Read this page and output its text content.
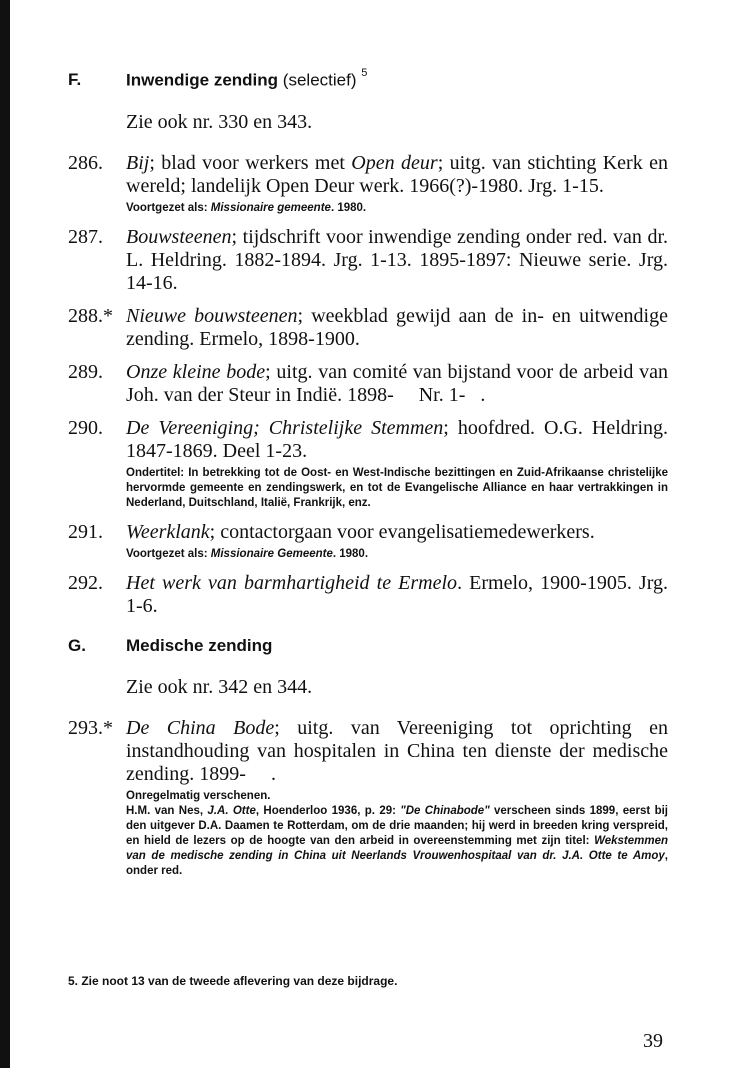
F.	Inwendige zending (selectief) $^5$
Zie ook nr. 330 en 343.
286.	Bij; blad voor werkers met Open deur; uitg. van stichting Kerk en wereld; landelijk Open Deur werk. 1966(?)-1980. Jrg. 1-15.
Voortgezet als: Missionaire gemeente. 1980.
287.	Bouwsteenen; tijdschrift voor inwendige zending onder red. van dr. L. Heldring. 1882-1894. Jrg. 1-13. 1895-1897: Nieuwe serie. Jrg. 14-16.
288.* Nieuwe bouwsteenen; weekblad gewijd aan de in- en uitwendige zending. Ermelo, 1898-1900.
289.	Onze kleine bode; uitg. van comité van bijstand voor de arbeid van Joh. van der Steur in Indië. 1898-     Nr. 1-   .
290.	De Vereeniging; Christelijke Stemmen; hoofdred. O.G. Heldring. 1847-1869. Deel 1-23.
Ondertitel: In betrekking tot de Oost- en West-Indische bezittingen en Zuid-Afrikaanse christelijke hervormde gemeente en zendingswerk, en tot de Evangelische Alliance en haar vertrakkingen in Nederland, Duitschland, Italië, Frankrijk, enz.
291.	Weerklank; contactorgaan voor evangelisatiemedewerkers.
Voortgezet als: Missionaire Gemeente. 1980.
292.	Het werk van barmhartigheid te Ermelo. Ermelo, 1900-1905. Jrg. 1-6.
G.	Medische zending
Zie ook nr. 342 en 344.
293.* De China Bode; uitg. van Vereeniging tot oprichting en instandhouding van hospitalen in China ten dienste der medische zending. 1899-     .
Onregelmatig verschenen.
H.M. van Nes, J.A. Otte, Hoenderloo 1936, p. 29: "De Chinabode" verscheen sinds 1899, eerst bij den uitgever D.A. Daamen te Rotterdam, om de drie maanden; hij werd in breeden kring verspreid, en hield de lezers op de hoogte van den arbeid in overeenstemming met zijn titel: Wekstemmen van de medische zending in China uit Neerlands Vrouwenhospitaal van dr. J.A. Otte te Amoy, onder red.
5. Zie noot 13 van de tweede aflevering van deze bijdrage.
39
